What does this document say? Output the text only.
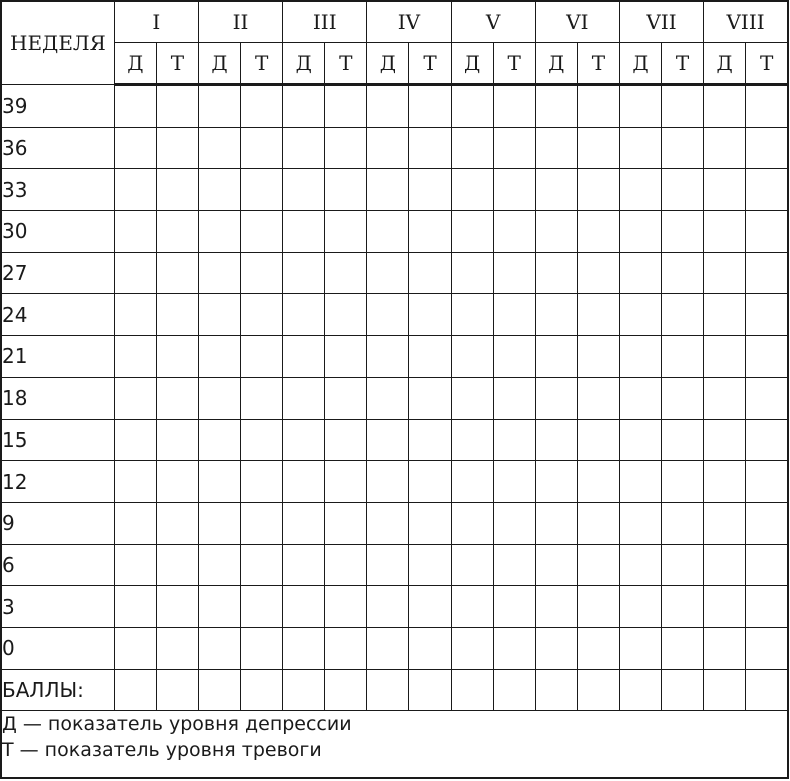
НЕДЕЛЯ	I		II		III		IV		V		VI		VII		VIII	
	Д	Т	Д	Т	Д	Т	Д	Т	Д	Т	Д	Т	Д	Т	Д	Т
39																
36																
33																
30																
27																
24																
21																
18																
15																
12																
9																
6																
3																
0																
БАЛЛЫ:																

Д — показатель уровня депрессии
Т — показатель уровня тревоги																
